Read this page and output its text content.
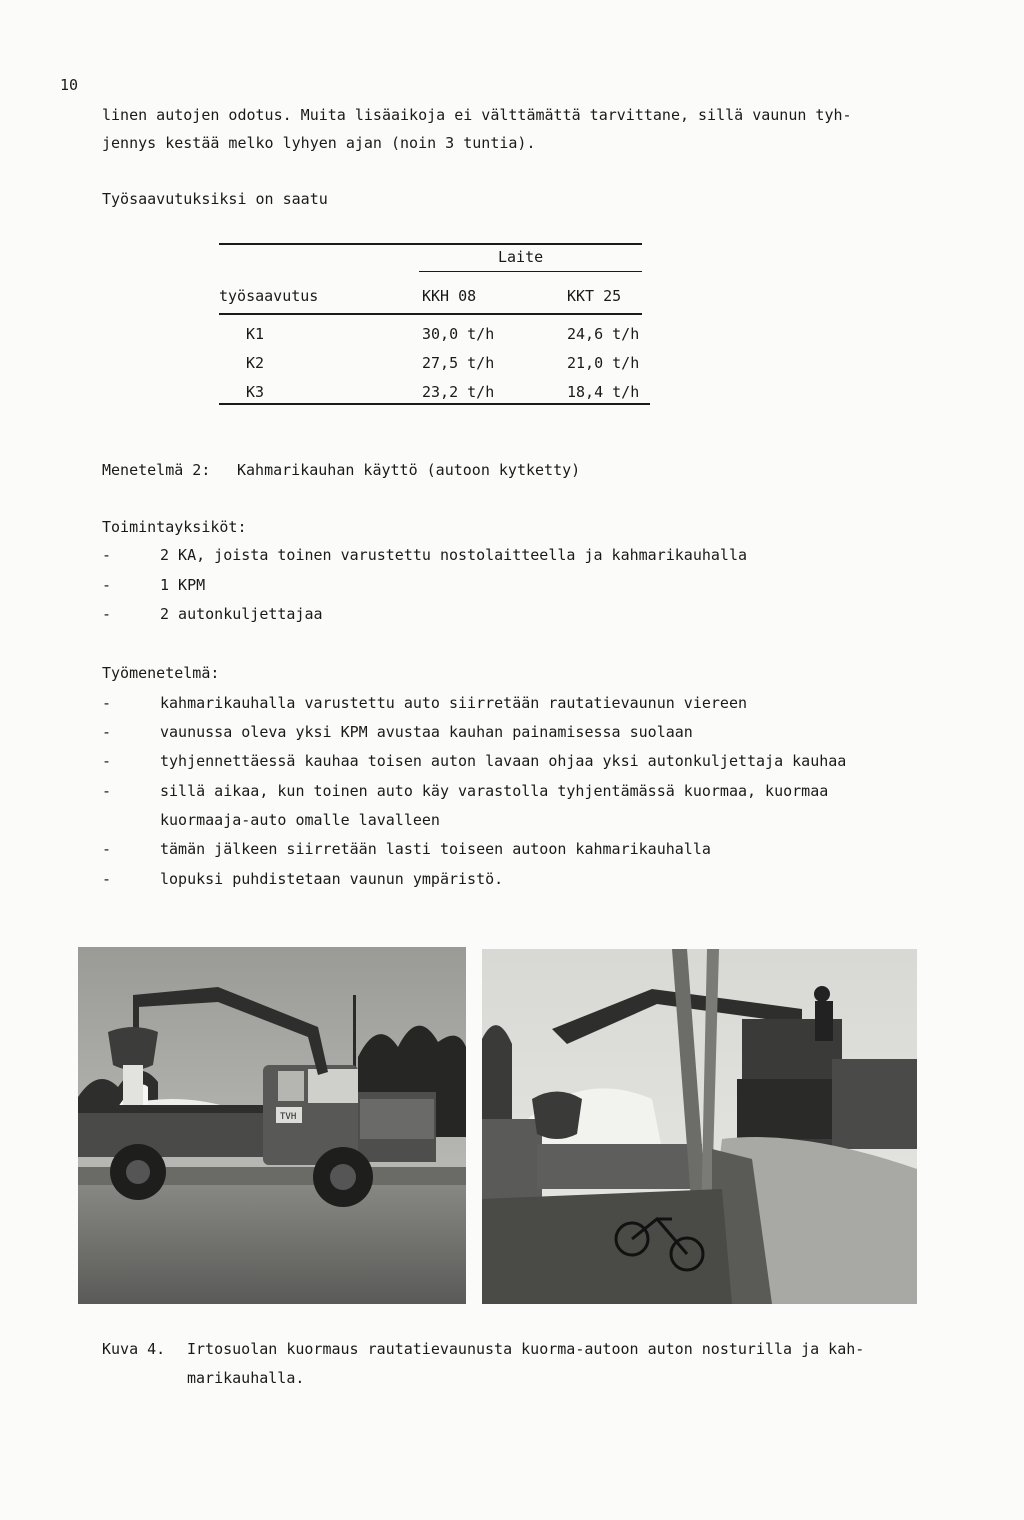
10
linen autojen odotus. Muita lisäaikoja ei välttämättä tarvittane, sillä vaunun tyh-
jennys kestää melko lyhyen ajan (noin 3 tuntia).
Työsaavutuksiksi on saatu
Laite
työsaavutus	KKH 08	KKT 25
K1	30,0 t/h	24,6 t/h
K2	27,5 t/h	21,0 t/h
K3	23,2 t/h	18,4 t/h
Menetelmä 2: Kahmarikauhan käyttö (autoon kytketty)
Toimintayksiköt:
-	2 KA, joista toinen varustettu nostolaitteella ja kahmarikauhalla
-	1 KPM
-	2 autonkuljettajaa
Työmenetelmä:
-	kahmarikauhalla varustettu auto siirretään rautatievaunun viereen
-	vaunussa oleva yksi KPM avustaa kauhan painamisessa suolaan
-	tyhjennettäessä kauhaa toisen auton lavaan ohjaa yksi autonkuljettaja kauhaa
-	sillä aikaa, kun toinen auto käy varastolla tyhjentämässä kuormaa, kuormaa
kuormaaja-auto omalle lavalleen
-	tämän jälkeen siirretään lasti toiseen autoon kahmarikauhalla
-	lopuksi puhdistetaan vaunun ympäristö.
TVH
Kuva 4. Irtosuolan kuormaus rautatievaunusta kuorma-autoon auton nosturilla ja kah-
marikauhalla.
